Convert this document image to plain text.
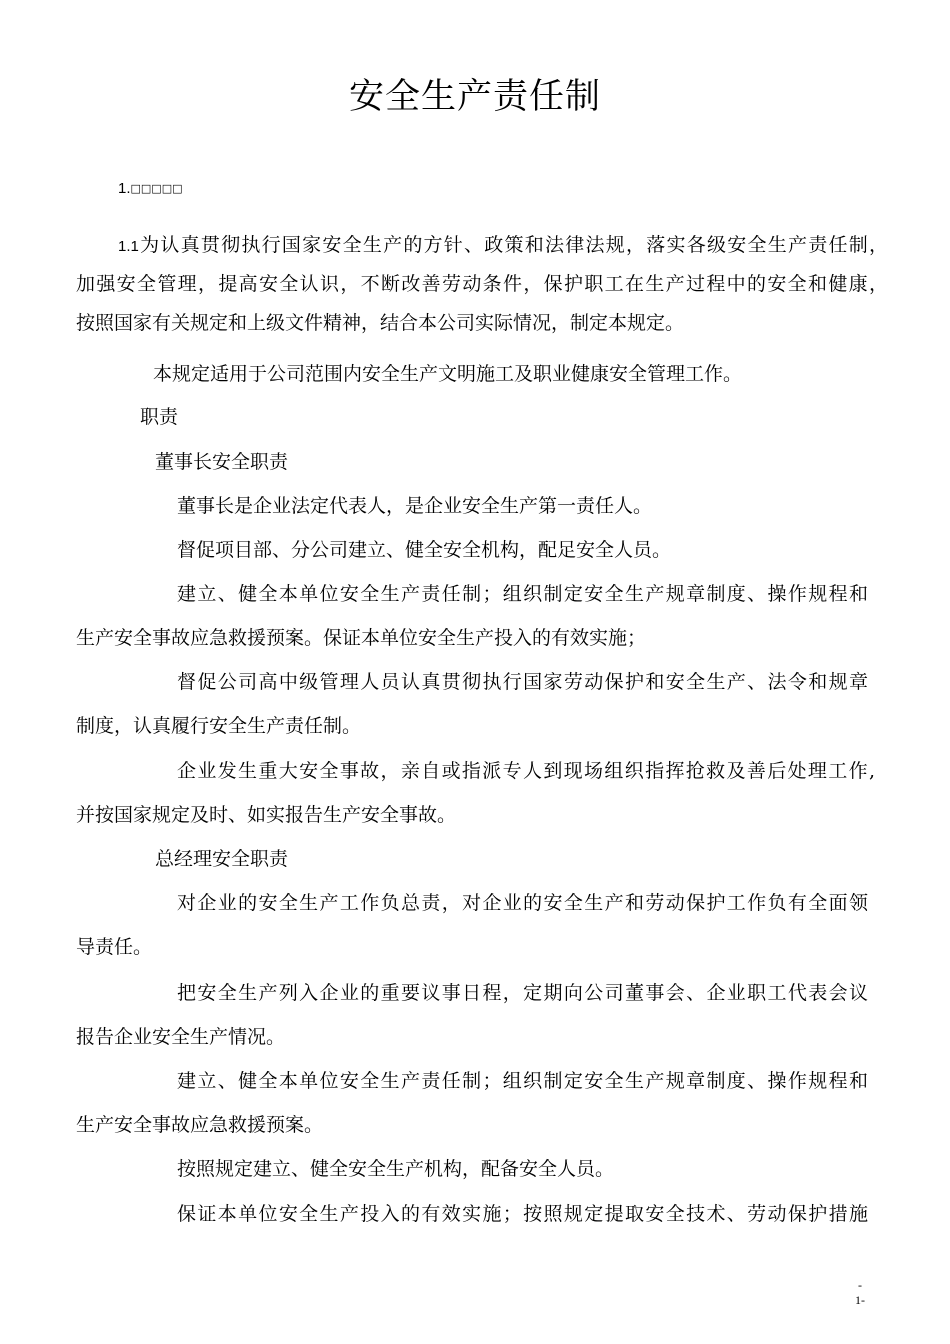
安全生产责任制
1.□□□□□
1.1为认真贯彻执行国家安全生产的方针、政策和法律法规，落实各级安全生产责任制，
加强安全管理，提高安全认识，不断改善劳动条件，保护职工在生产过程中的安全和健康，
按照国家有关规定和上级文件精神，结合本公司实际情况，制定本规定。
本规定适用于公司范围内安全生产文明施工及职业健康安全管理工作。
职责
董事长安全职责
董事长是企业法定代表人，是企业安全生产第一责任人。
督促项目部、分公司建立、健全安全机构，配足安全人员。
建立、健全本单位安全生产责任制；组织制定安全生产规章制度、操作规程和
生产安全事故应急救援预案。保证本单位安全生产投入的有效实施；
督促公司高中级管理人员认真贯彻执行国家劳动保护和安全生产、法令和规章
制度，认真履行安全生产责任制。
企业发生重大安全事故，亲自或指派专人到现场组织指挥抢救及善后处理工作,
并按国家规定及时、如实报告生产安全事故。
总经理安全职责
对企业的安全生产工作负总责，对企业的安全生产和劳动保护工作负有全面领
导责任。
把安全生产列入企业的重要议事日程，定期向公司董事会、企业职工代表会议
报告企业安全生产情况。
建立、健全本单位安全生产责任制；组织制定安全生产规章制度、操作规程和
生产安全事故应急救援预案。
按照规定建立、健全安全生产机构，配备安全人员。
保证本单位安全生产投入的有效实施；按照规定提取安全技术、劳动保护措施
-
1-
